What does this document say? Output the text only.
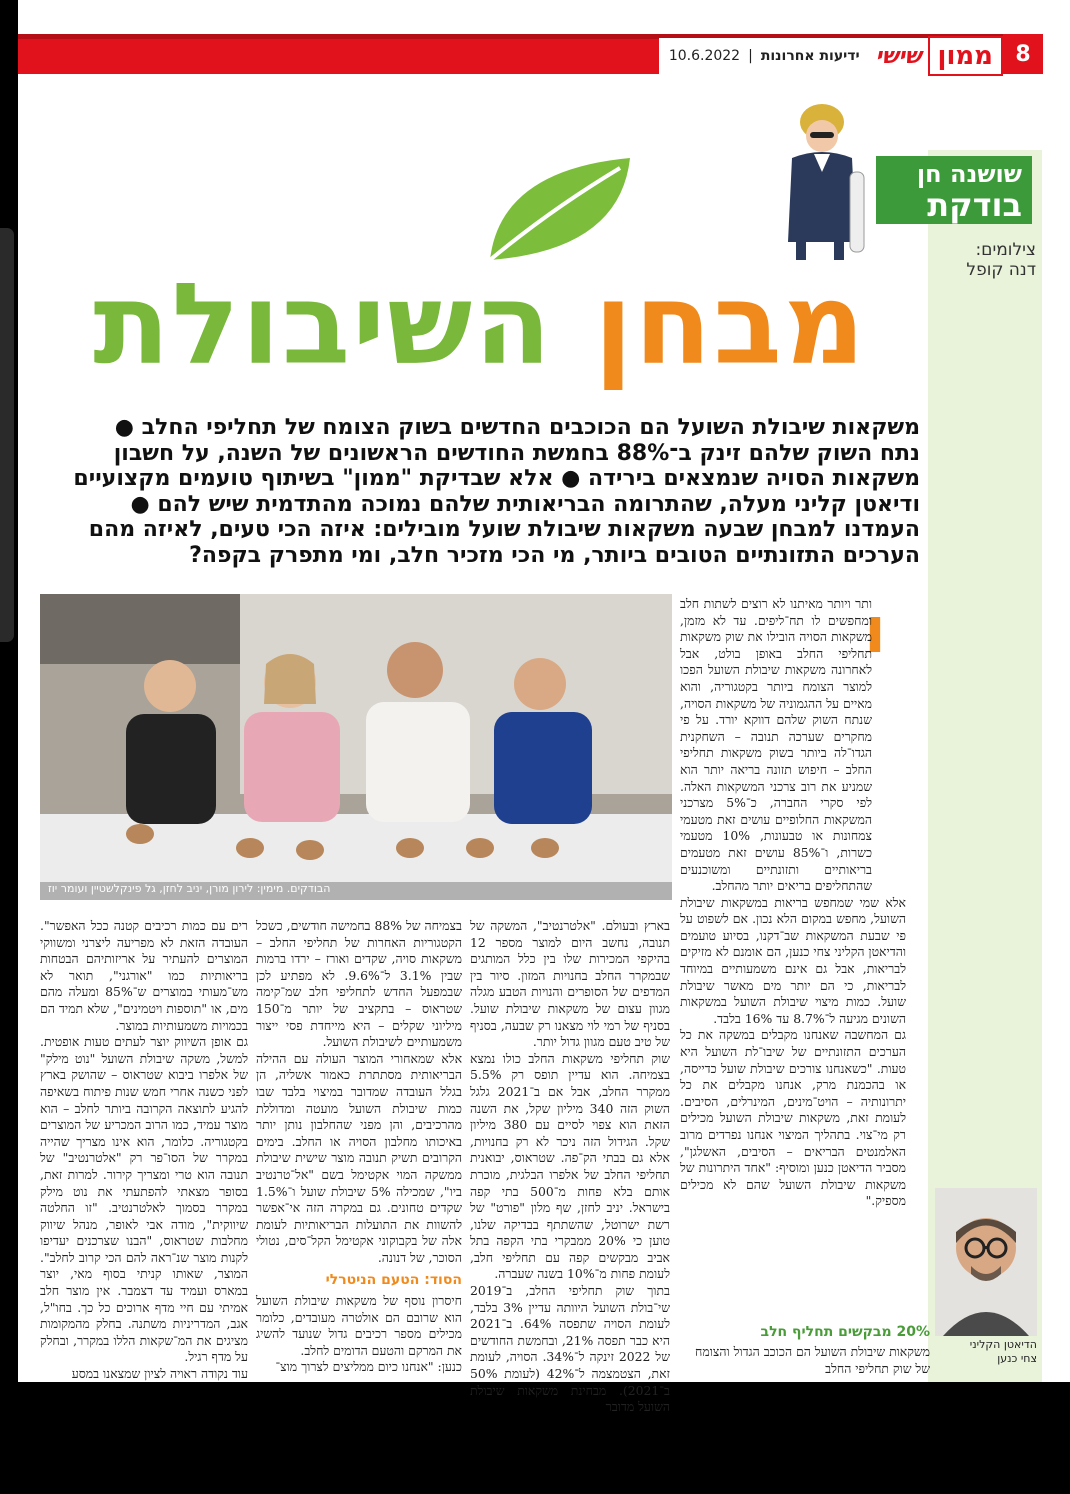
8
ממון
שישי
ידיעות אחרונות
|
10.6.2022
צילומים:
דנה קופל
שושנה חן
בודקת
מבחן השיבולת
משקאות שיבולת השועל הם הכוכבים החדשים בשוק הצומח של תחליפי החלב ●
נתח השוק שלהם זינק ב־88% בחמשת החודשים הראשונים של השנה, על חשבון
משקאות הסויה שנמצאים בירידה ● אלא שבדיקת "ממון" בשיתוף טועמים מקצועיים
ודיאטן קליני מעלה, שהתרומה הבריאותית שלהם נמוכה מהתדמית שיש להם ●
העמדנו למבחן שבעה משקאות שיבולת שועל מובילים: איזה הכי טעים, לאיזה מהם
הערכים התזונתיים הטובים ביותר, מי הכי מזכיר חלב, ומי מתפרק בקפה?
הבודקים. מימין: לירון מורן, יניב לחזן, גל פינקלשטיין ועומר יוז
ו

ותר ויותר מאיתנו לא רוצים לשתות חלב ומחפשים לו תח־ליפים. עד לא מזמן, משקאות הסויה הובילו את שוק משקאות תחליפי החלב באופן בולט, אבל לאחרונה משקאות שיבולת השועל הפכו למוצר הצומח ביותר בקטגוריה, והוא מאיים על ההגמוניה של משקאות הסויה, שנתח השוק שלהם דווקא יורד. על פי מחקרים שערכה תנובה – השחקנית הגדו־לה ביותר בשוק משקאות תחליפי החלב – חיפוש תזונה בריאה יותר הוא שמניע את רוב צרכני המשקאות האלה. לפי סקרי החברה, כ־5% מצרכני המשקאות החלופיים עושים זאת מטעמי צמחונות או טבעונות, 10% מטעמי כשרות, ו־85% עושים זאת מטעמים בריאותיים ותזונתיים ומשוכנעים שהתחליפים בריאים יותר מהחלב.

אלא שמי שמחפש בריאות במשקאות שיבולת השועל, מחפש במקום הלא נכון. אם לשפוט על פי שבעת המשקאות שב־דקנו, בסיוע טועמים והדיאטן הקליני צחי כנען, הם אומנם לא מזיקים לבריאות, אבל גם אינם משמעותיים במיוחד לבריאות, כי הם יותר מים מאשר שיבולת שועל. כמות מיצוי שיבולת השועל במשקאות השונים מגיעה ל־8.7% עד 16% בלבד.

גם המחשבה שאנחנו מקבלים במשקה את כל הערכים התזונתיים של שיבו־לת השועל היא טעות. "כשאנחנו צורכים שיבולת שועל כדייסה, או בהכמנת מרק, אנחנו מקבלים את כל יתרונותיה – הויט־מינים, המינרלים, הסיבים. לעומת זאת, משקאות שיבולת השועל מכילים רק מי־צוי. בתהליך המיצוי אנחנו נפרדים מרוב האלמנטים הבריאים – הסיבים, האשלגן", מסביר הדיאטן כנען ומוסיף: "אחד היתרונות של משקאות שיבולת השועל שהם לא מכילים מספיק."

20% מבקשים תחליף חלב
משקאות שיבולת השועל הם הכוכב הגדול והצומח של שוק תחליפי החלב

בארץ ובעולם. "אלטרנטיב", המשקה של תנובה, נחשב היום למוצר מספר 12 בהיקפי המכירות שלו בין כלל המותגים שבמקרר החלב בחנויות המזון. סיור בין המדפים של הסופרים והנויות הטבע מגלה מגוון עצום של משקאות שיבולת שועל. בסניף של רמי לוי מצאנו רק שבעה, בסניף של טיב טעם מגוון גדול יותר.

שוק תחליפי משקאות החלב כולו נמצא בצמיחה. הוא עדיין תופס רק 5.5% ממקרר החלב, אבל אם ב־2021 גלגל השוק הזה 340 מיליון שקל, את השנה הזאת הוא צפוי לסיים עם 380 מיליון שקל. הגידול הזה ניכר לא רק בחנויות, אלא גם בבתי הק־פה. שטראוס, יבואנית תחליפי החלב של אלפרו הבלגית, מוכרת אותם בלא פחות מ־500 בתי קפה בישראל. יניב לחזן, שף מלון "פורט" של רשת ישרוטל, שהשתתף בבדיקה שלנו, טוען כי 20% ממבקרי בתי הקפה בתל אביב מבקשים קפה עם תחליפי חלב, לעומת פחות מ־10% בשנה שעברה.

בתוך שוק תחליפי החלב, ב־2019 שי־בולת השועל היוותה עדיין 3% בלבד, לעומת הסויה שתפסה 64%. ב־2021 היא כבר תפסה 21%, ובחמשת החודשים של 2022 זינקה ל־34%. הסויה, לעומת זאת, הצטמצמה ל־42% (לעומת 50% ב־2021). מבחינת משקאות שיבולת השועל מדובר

בצמיחה של 88% בחמישה חודשים, כשכל הקטגוריות האחרות של תחליפי החלב – משקאות סויה, שקדים ואורז – ירדו ברמות שבין 3.1% ל־9.6%. לא מפתיע לכן שבמפעל החדש לתחליפי חלב שמ־קימה שטראוס – בתקציב של יותר מ־150 מיליוני שקלים – היא מייחדת פסי ייצור משמעותיים לשיבולת השועל.

אלא שמאחורי המוצר העולה עם ההילה הבריאותית מסתתרת כאמור אשליה, הן בגלל העובדה שמדובר במיצוי בלבד שבו כמות שיבולת השועל מועטה ומדוללת מהרכיבים, והן מפני שהחלבון נותן יותר באיכותו מחלבון הסויה או החלב. בימים הקרובים תשיק תנובה מוצר שישית שיבולת ממשקה המוי אקטימל בשם "אל־טרנטיב ביו", שמכילה 5% שיבולת שועל ו־1.5% שקדים טחונים. גם במקרה הזה אי־אפשר להשוות את התועלות הבריאותיות לעומת אלה של בקבוקוני אקטימל הקל־סים, נטולי הסוכר, של דנונה.

הסוד: הטעם הניטרלי

חיסרון נוסף של משקאות שיבולת השועל הוא שרובם הם אולטרה מעובדים, כלומר מכילים מספר רכיבים גדול שנועד להשיג את המרקם והטעם הדומים לחלב.

כנען: "אנחנו כיום ממליצים לצרוך מוצ־

רים עם כמות רכיבים קטנה ככל האפשר". העובדה הזאת לא מפריעה ליצרני ומשווקי המוצרים להעתיר על אריזותיהם הבטחות בריאותיות כמו "אורגני", תואר לא מש־מעותי במוצרים ש־85% ומעלה מהם מים, או "תוספות ויטמינים", שלא תמיד הם בכמויות משמעותיות במוצר.

גם אופן השיווק יוצר לעתים טעות אופטית. למשל, משקה שיבולת השועל "נוט מילק" של אלפרו ביבוא שטראוס – שהושק בארץ לפני כשנה אחרי חמש שנות פיתוח בשאיפה להגיע לתוצאה הקרובה ביותר לחלב – הוא מוצר עמיד, כמו הרוב המכריע של המוצרים בקטגוריה. כלומר, הוא אינו מצריך שהייה במקרר של הסו־פר רק "אלטרנטיב" של תנובה הוא טרי ומצריך קירור. למרות זאת, בסופר מצאתי להפתעתי את נוט מילק במקרר בסמוך לאלטרנטיב. "זו החלטה שיווקית", מודה אבי לאופר, מנהל שיווק מחלבות שטראוס, "הבנו שצרכנים יעדיפו לקנות מוצר שנ־ראה להם הכי קרוב לחלב". המוצר, שאותו קניתי בסוף מאי, יוצר במארס ועמיד עד דצמבר. אין מוצר חלב אמיתי עם חיי מדף ארוכים כל כך. בחו"ל, אגב, המדריניות משתנה. בחלק מהמקומות מציגים את המ־שקאות הללו במקרר, ובחלק על מדף רגיל.

עוד נקודה ראויה לציון שמצאנו במסע

הדיאטן הקליני
צחי כנען
